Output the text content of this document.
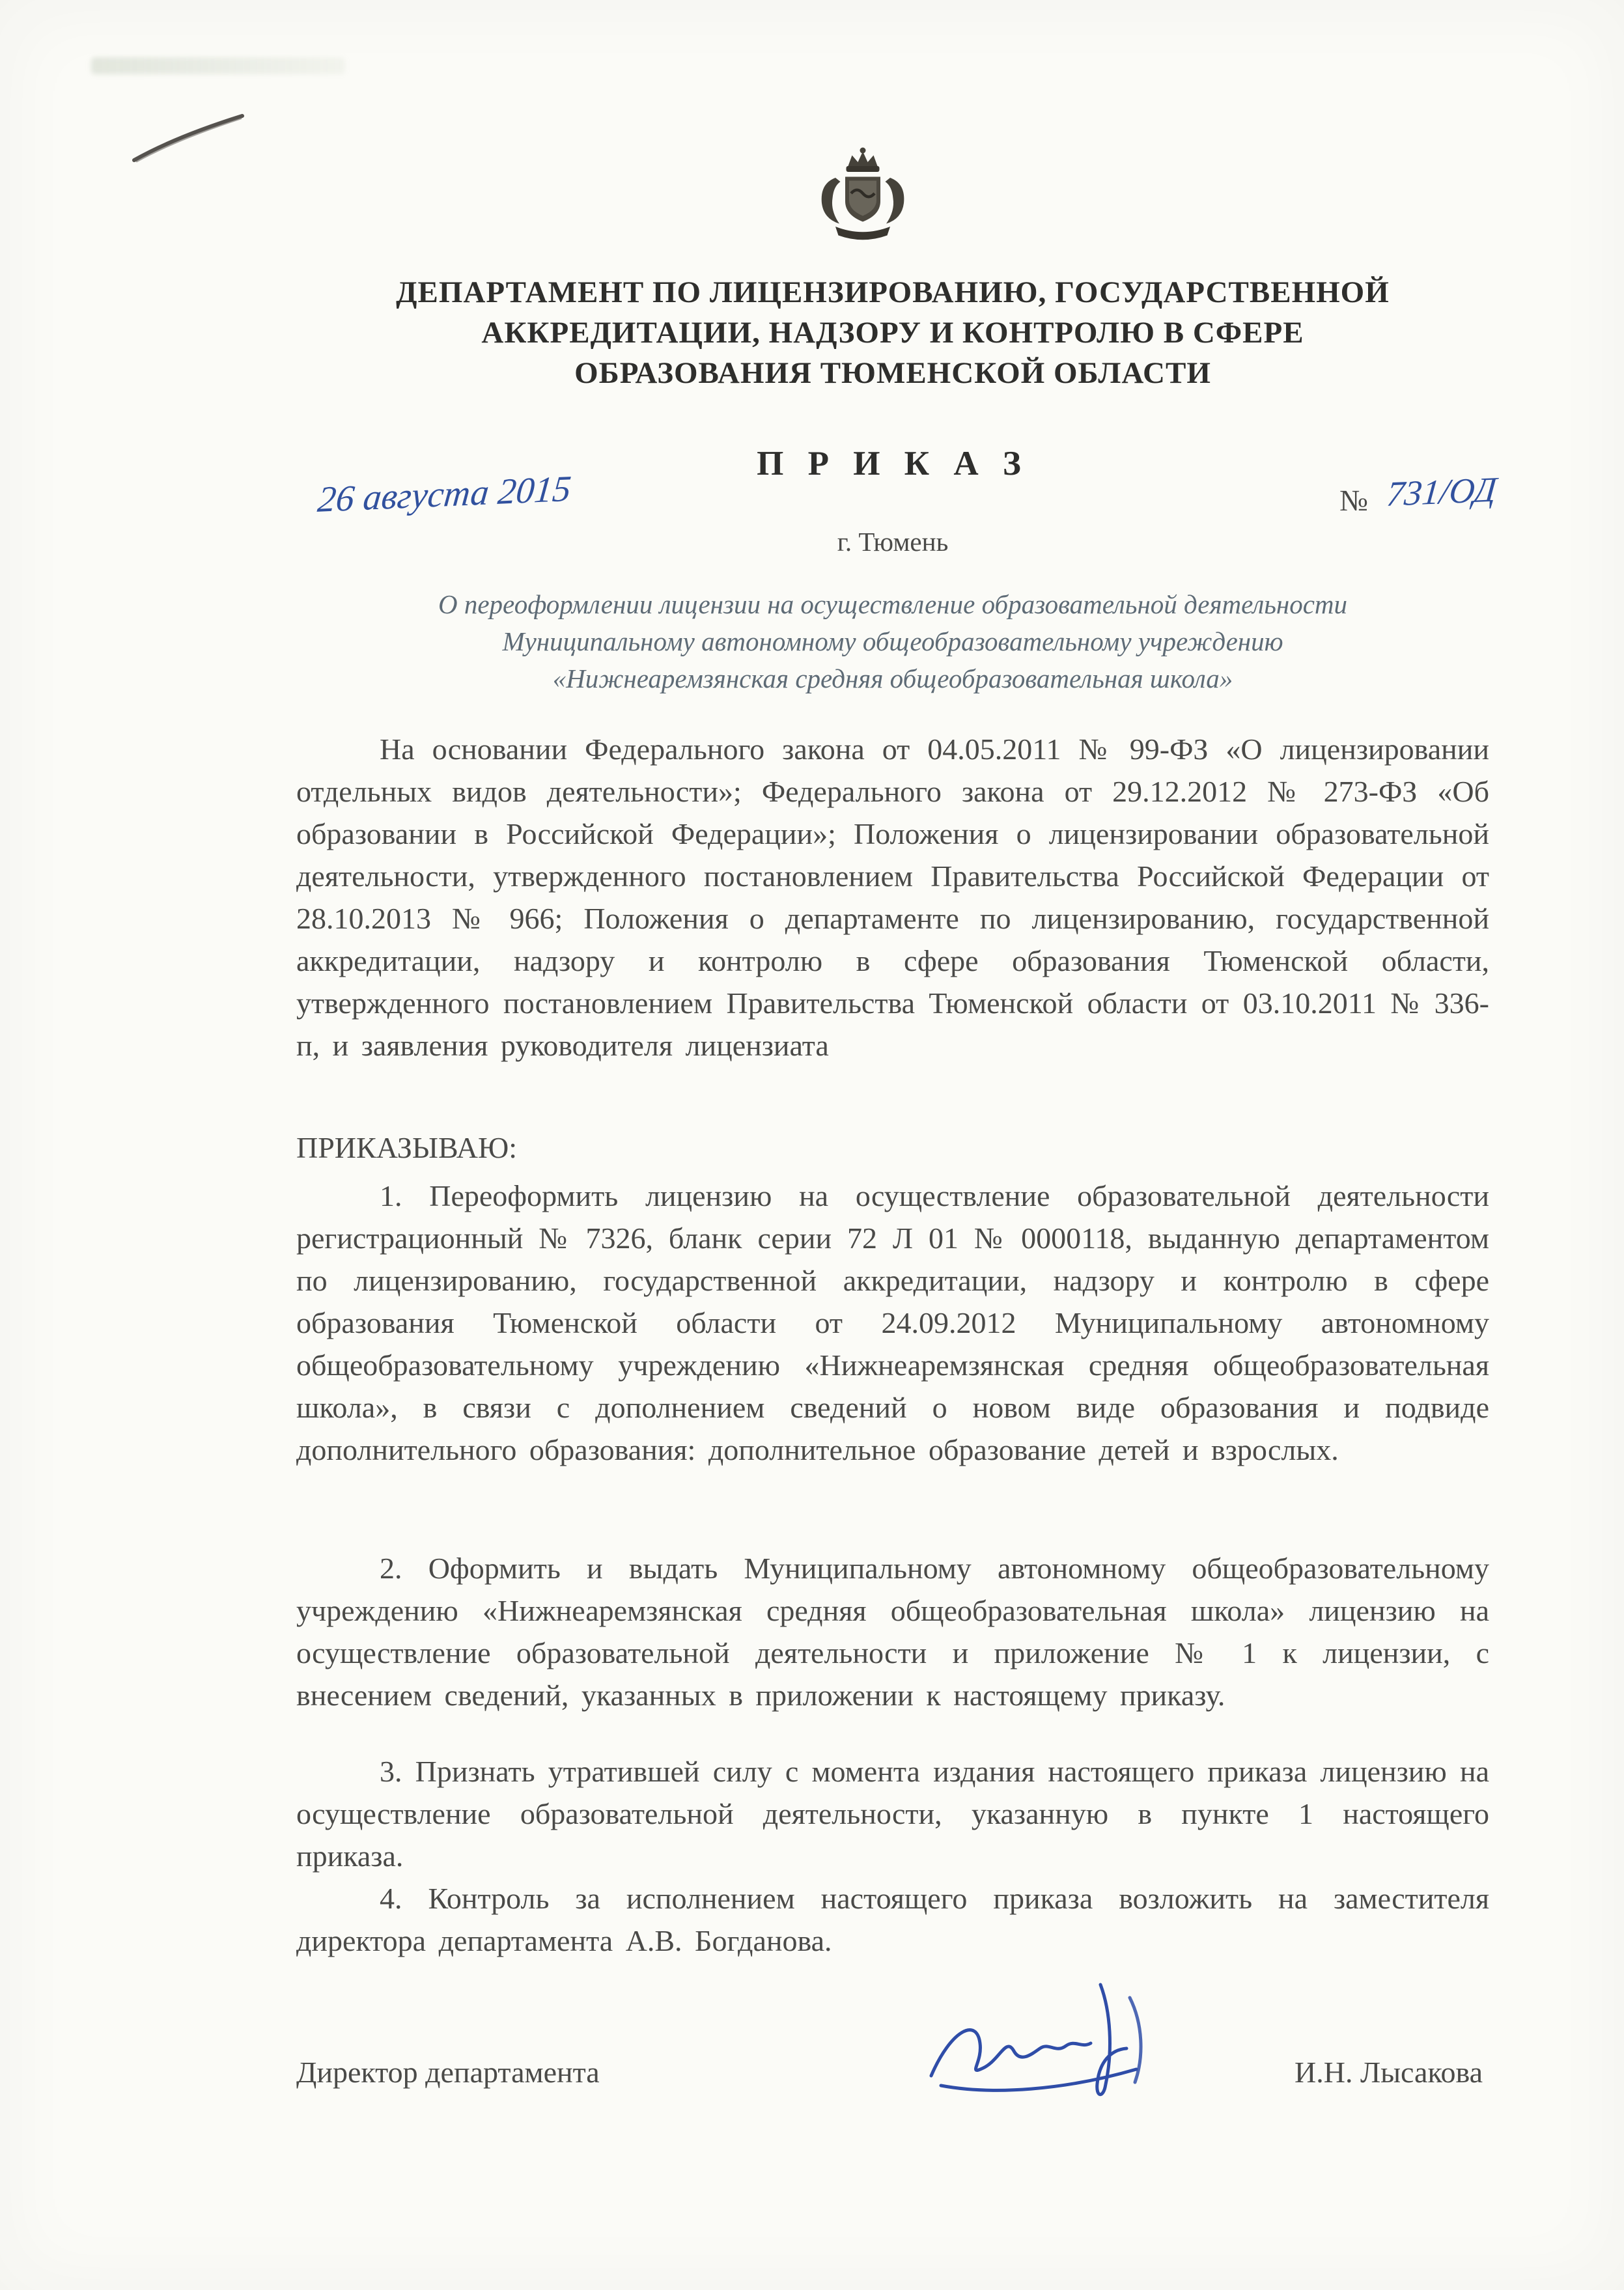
ДЕПАРТАМЕНТ ПО ЛИЦЕНЗИРОВАНИЮ, ГОСУДАРСТВЕННОЙ
АККРЕДИТАЦИИ, НАДЗОРУ И КОНТРОЛЮ В СФЕРЕ
ОБРАЗОВАНИЯ ТЮМЕНСКОЙ ОБЛАСТИ
П Р И К А З
26 августа 2015	№ 731/ОД
г. Тюмень
О переоформлении лицензии на осуществление образовательной деятельности
Муниципальному автономному общеобразовательному учреждению
«Нижнеаремзянская средняя общеобразовательная школа»

На основании Федерального закона от 04.05.2011 № 99-ФЗ «О лицензировании отдельных видов деятельности»; Федерального закона от 29.12.2012 № 273-ФЗ «Об образовании в Российской Федерации»; Положения о лицензировании образовательной деятельности, утвержденного постановлением Правительства Российской Федерации от 28.10.2013 № 966; Положения о департаменте по лицензированию, государственной аккредитации, надзору и контролю в сфере образования Тюменской области, утвержденного постановлением Правительства Тюменской области от 03.10.2011 № 336-п, и заявления руководителя лицензиата

ПРИКАЗЫВАЮ:

1. Переоформить лицензию на осуществление образовательной деятельности регистрационный № 7326, бланк серии 72 Л 01 № 0000118, выданную департаментом по лицензированию, государственной аккредитации, надзору и контролю в сфере образования Тюменской области от 24.09.2012 Муниципальному автономному общеобразовательному учреждению «Нижнеаремзянская средняя общеобразовательная школа», в связи с дополнением сведений о новом виде образования и подвиде дополнительного образования: дополнительное образование детей и взрослых.

2. Оформить и выдать Муниципальному автономному общеобразовательному учреждению «Нижнеаремзянская средняя общеобразовательная школа» лицензию на осуществление образовательной деятельности и приложение № 1 к лицензии, с внесением сведений, указанных в приложении к настоящему приказу.

3. Признать утратившей силу с момента издания настоящего приказа лицензию на осуществление образовательной деятельности, указанную в пункте 1 настоящего приказа.

4. Контроль за исполнением настоящего приказа возложить на заместителя директора департамента А.В. Богданова.

Директор департамента	И.Н. Лысакова
